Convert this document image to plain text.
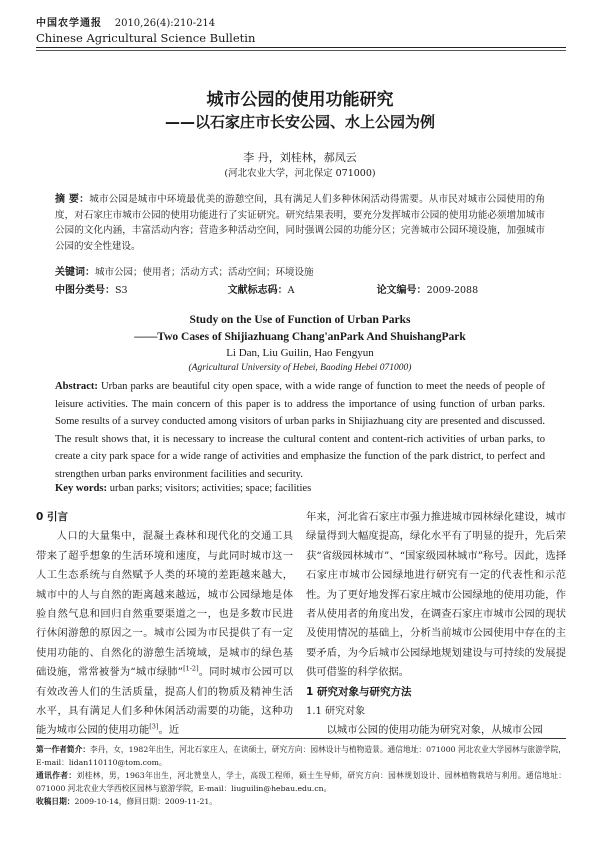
中国农学通报 2010,26(4):210-214
Chinese Agricultural Science Bulletin
城市公园的使用功能研究
——以石家庄市长安公园、水上公园为例
李 丹，刘桂林，郝凤云
(河北农业大学，河北保定 071000)
摘 要：城市公园是城市中环境最优美的游憩空间，具有满足人们多种休闲活动得需要。从市民对城市公园使用的角度，对石家庄市城市公园的使用功能进行了实证研究。研究结果表明，要充分发挥城市公园的使用功能必须增加城市公园的文化内涵，丰富活动内容；营造多种活动空间，同时强调公园的功能分区；完善城市公园环境设施，加强城市公园的安全性建设。
关键词：城市公园；使用者；活动方式；活动空间；环境设施
中图分类号：S3	文献标志码：A	论文编号：2009-2088
Study on the Use of Function of Urban Parks
——Two Cases of Shijiazhuang Chang'anPark And ShuishangPark
Li Dan, Liu Guilin, Hao Fengyun
(Agricultural University of Hebei, Baoding Hebei 071000)
Abstract: Urban parks are beautiful city open space, with a wide range of function to meet the needs of people of leisure activities. The main concern of this paper is to address the importance of using function of urban parks. Some results of a survey conducted among visitors of urban parks in Shijiazhuang city are presented and discussed. The result shows that, it is necessary to increase the cultural content and content-rich activities of urban parks, to create a city park space for a wide range of activities and emphasize the function of the park district, to perfect and strengthen urban parks environment facilities and security.
Key words: urban parks; visitors; activities; space; facilities
0 引言
人口的大量集中，混凝土森林和现代化的交通工具带来了超乎想象的生活环境和速度，与此同时城市这一人工生态系统与自然赋予人类的环境的差距越来越大，城市中的人与自然的距离越来越远，城市公园绿地是体验自然气息和回归自然重要渠道之一，也是多数市民进行休闲游憩的原因之一。城市公园为市民提供了有一定使用功能的、自然化的游憩生活境域，是城市的绿色基础设施，常常被誉为“城市绿肺”[1-2]。同时城市公园可以有效改善人们的生活质量，提高人们的物质及精神生活水平，具有满足人们多种休闲活动需要的功能，这种功能为城市公园的使用功能[3]。近
年来，河北省石家庄市强力推进城市园林绿化建设，城市绿量得到大幅度提高，绿化水平有了明显的提升，先后荣获“省级园林城市”、“国家级园林城市”称号。因此，选择石家庄市城市公园绿地进行研究有一定的代表性和示范性。为了更好地发挥石家庄城市公园绿地的使用功能，作者从使用者的角度出发，在调查石家庄市城市公园的现状及使用情况的基础上，分析当前城市公园使用中存在的主要矛盾，为今后城市公园绿地规划建设与可持续的发展提供可借鉴的科学依据。
1 研究对象与研究方法
1.1 研究对象
以城市公园的使用功能为研究对象，从城市公园
第一作者简介：李丹，女，1982年出生，河北石家庄人，在读硕士，研究方向：园林设计与植物造景。通信地址：071000 河北农业大学园林与旅游学院，E-mail：lidan110110@tom.com。
通讯作者：刘桂林，男，1963年出生，河北赞皇人，学士，高级工程师，硕士生导师，研究方向：园林规划设计、园林植物栽培与利用。通信地址：071000 河北农业大学西校区园林与旅游学院，E-mail：liuguilin@hebau.edu.cn。
收稿日期：2009-10-14，修回日期：2009-11-21。
